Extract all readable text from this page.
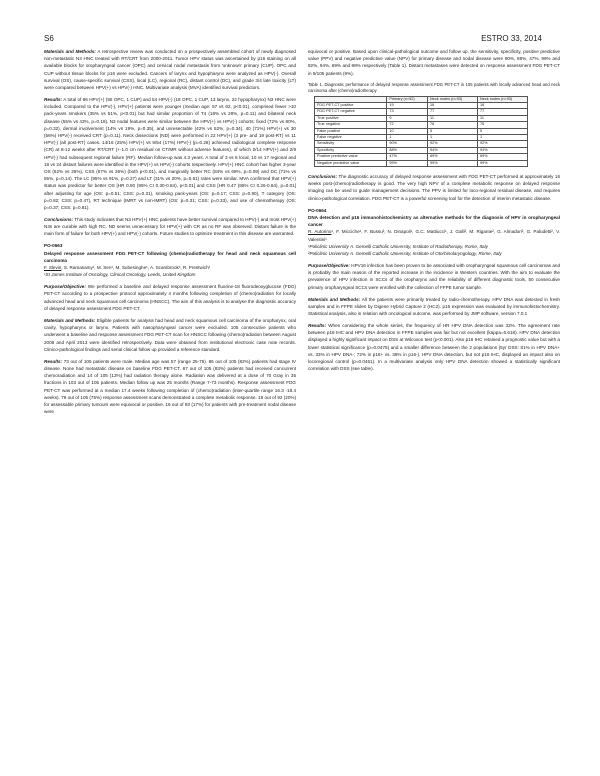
S6	ESTRO 33, 2014

Materials and Methods: A retrospective review was conducted on a prospectively assembled cohort of newly diagnosed non-metastatic N3 HNC treated with RT/CRT from 2000-2011. Tumor HPV status was ascertained by p16 staining on all available blocks for oropharyngeal cancer (OPC) and cervical nodal metastasis from 'unknown' primary (CUP). OPC and CUP without tissue blocks for p16 were excluded. Cancers of larynx and hypopharynx were analyzed as HPV(-). Overall survival (OS), cause-specific survival (CSS), local (LC), regional (RC), distant control (DC), and grade 3/4 late toxicity (LT) were compared between HPV(+) vs HPV(-) HNC. Multivariate analysis (MVA) identified survival predictors.

Results: A total of 86 HPV(+) (55 OPC, 1 CUP) and 54 HPV(-) (18 OPC, 1 CUP, 13 larynx, 22 hypopharynx) N3 HNC were included. Compared to the HPV(-), HPV(+) patients were younger (median age: 57 vs 62, p<0.01), comprised fewer >10 pack-years smokers (35% vs 51%, p<0.01) but had similar proportion of T4 (18% vs 28%, p=0.11) and bilateral neck disease (55% vs 43%, p=0.18). N3 nodal features were similar between the HPV(+) vs HPV(-) cohorts: fixed (72% vs 80%, p=0.32), dermal involvement (14% vs 19%, p=0.35), and unresectable (42% vs 52%, p=0.34). 40 (71%) HPV(+) vs 30 (56%) HPV(-) received CRT (p=0.11). Neck dissections (ND) were performed in 22 HPV(+) (3 pre- and 19 post-RT) vs 11 HPV(-) (all post-RT) cases. 14/16 (25%) HPV(+) vs 9/54 (17%) HPV(-) (p=0.28) achieved radiological complete response (CR) at 8-12 weeks after RT/CRT (+-1.0 cm residual on CT/MR without adverse features), of which 0/14 HPV(+) and 2/9 HPV(-) had subsequent regional failure (RF). Median follow-up was 4.3 years. A total of 3 vs 6 local, 10 vs 17 regional and 18 vs 24 distant failures were identified in the HPV(+) vs HPV(-) cohorts respectively. HPV(+) HNC cohort has higher 3-year OS (62% vs 25%), CSS (67% vs 36%) (both p<0.01), and marginally better RC (84% vs 68%, p=0.09) and DC (71% vs 55%, p=0.14). The LC (95% vs 91%, p=0.27) and LT (31% vs 20%, p=0.61) rates were similar. MVA confirmed that HPV(+) status was predictor for better OS [HR 0.50 (95% CI 0.30-0.84), p<0.01] and CSS [HR 0.47 (95% CI 0.26-0.84), p=0.01] after adjusting for age (OS: p=0.51; CSS: p=0.31), smoking pack-years (OS: p=0.17; CSS: p=0.90), T category (OS: p=0.82; CSS: p=0.47), RT technique (IMRT vs non-IMRT) (OS: p=0.31; CSS: p=0.33), and use of chemotherapy (OS: p=0.37; CSS: p=0.81).

Conclusions: This study indicates that N3 HPV(+) HNC patients have better survival compared to HPV(-) and most HPV(+) N3s are curable with high RC. ND seems unnecessary for HPV(+) with CR as no RF was observed. Distant failure is the main form of failure for both HPV(+) and HPV(-) cohorts. Future studies to optimize treatment in this disease are warranted.

PO-0663

Delayed response assessment FDG PET-CT following (chemo)radiotherapy for head and neck squamous cell carcinoma

F. Slevin, S. Ramasamy¹, M. Sen¹, M. Subesinghe¹, A. Scarsbrook¹, R. Prestwich¹

¹St James Institute of Oncology, Clinical Oncology, Leeds, United Kingdom

Purpose/Objective: We performed a baseline and delayed response assessment fluorine-18 fluorodeoxyglucose (FDG) PET-CT according to a prospective protocol approximately 4 months following completion of (chemo)radiation for locally advanced head and neck squamous cell carcinoma (HNSCC). The aim of this analysis is to analyse the diagnostic accuracy of delayed response assessment FDG PET-CT.

Materials and Methods: Eligible patients for analysis had head and neck squamous cell carcinoma of the oropharynx, oral cavity, hypopharynx or larynx. Patients with nasopharyngeal cancer were excluded. 105 consecutive patients who underwent a baseline and response assessment FDG PET-CT scan for HNSCC following (chemo)radiation between August 2008 and April 2013 were identified retrospectively. Data were obtained from institutional electronic case note records. Clinico-pathological findings and serial clinical follow up provided a reference standard.

Results: 73 out of 105 patients were male. Median age was 57 (range 25-75). 86 out of 105 (82%) patients had stage IV disease. None had metastatic disease on baseline FDG PET-CT. 87 out of 105 (83%) patients had received concurrent chemoradiation and 14 of 105 (13%) had radiation therapy alone. Radiation was delivered at a dose of 70 Gray in 35 fractions in 103 out of 105 patients. Median follow up was 25 months (Range 7-73 months). Response assessment FDG PET-CT was performed at a median 17.4 weeks following completion of (chemo)radiation (inter-quartile range 16.3 -18.4 weeks). 79 out of 105 (75%) response assessment scans demonstrated a complete metabolic response. 19 out of 92 (20%) for assessable primary tumours were equivocal or positive. 16 out of 93 (17%) for patients with pre-treatment nodal disease were

equivocal or positive. Based upon clinical-pathological outcome and follow up, the sensitivity, specificity, positive predictive value (PPV) and negative predictive value (NPV) for primary disease and nodal disease were 90%, 88%, 47%, 99% and 92%, 94%, 69% and 99% respectively (Table 1). Distant metastases were detected on response assessment FDG PET-CT in 9/105 patients (9%).

Table 1. Diagnostic performance of delayed response assessment FDG PET-CT in 105 patients with locally advanced head and neck carcinoma after (chemo)radiotherapy
	Primary (n=92)	Neck nodes (n=93)	Neck nodes (n=93)
FDG PET-CT positive	19	16	16
FDG PET-CT negative	73	77	77
True positive	9	11	11
True negative	72	76	76
False positive	10	5	5
False negative	1	1	1
Sensitivity	90%	92%	92%
Specificity	88%	94%	94%
Positive predictive value	47%	69%	69%
Negative predictive value	99%	99%	99%

Conclusions: The diagnostic accuracy of delayed response assessment with FDG PET-CT performed at approximately 16 weeks post-(chemo)radiotherapy is good. The very high NPV of a complete metabolic response on delayed response imaging can be used to guide management decisions. The PPV is limited for loco-regional residual disease, and requires clinico-pathological correlation. FDG PET-CT is a powerful screening tool for the detection of interim metastatic disease.

PO-0664

DNA detection and p16 immunohistochemistry as alternative methods for the diagnosis of HPV in oropharyngeal cancer

R. Autorino¹, F. Micciche¹, F. Bussu², N. Dinapoli¹, G.C. Mattiucci¹, J. Galli², M. Rigante², G. Almadori², G. Paludetti², V. Valentini¹

¹Policlinic University A. Gemelli Catholic University, Institute of Radiotherapy, Rome, Italy

²Policlinic University A. Gemelli Catholic University, Institute of Otorhinolaryngology, Rome, Italy

Purpose/Objective: HPV16 infection has been proven to be associated with oropharyngeal squamous cell carcinomas and is probably the main reason of the reported increase in the incidence in Western countries. With the aim to evaluate the prevalence of HPV infection in SCCs of the oropharynx and the reliability of different diagnostic tools, 50 consecutive primary oropharyngeal SCCs were enrolled with the collection of FFPE tumor sample.

Materials and Methods: All the patients were primarily treated by radio-chemotherapy. HPV DNA was detected in fresh samples and in FFPE slides by Digene Hybrid Capture 2 (HC2). p16 expression was evaluated by immunohistochemistry. Statistical analysis, also in relation with oncological outcome, was performed by JMP software, version 7.0.1

Results: When considering the whole series, the frequency of HR HPV DNA detection was 32%. The agreement rate between p16 IHC and HPV DNA detection in FFPE samples was fair but not excellent (kappa=0.618). HPV DNA detection displayed a highly significant impact on DSS at Wilcoxon test (p<0.001). Also p16 IHC retained a prognostic value but with a lower statistical significance (p=0.0475) and a smaller difference between the 2 populations (5yr DSS: 81% in HPV DNA+ vs. 33% in HPV DNA-; 72% in p16+ vs. 38% in p16-). HPV DNA detection, but not p16 IHC, displayed an impact also on locoregional control (p=0.0461). In a multivariate analysis only HPV DNA detection showed a statistically significant correlation with DSS (see table).
